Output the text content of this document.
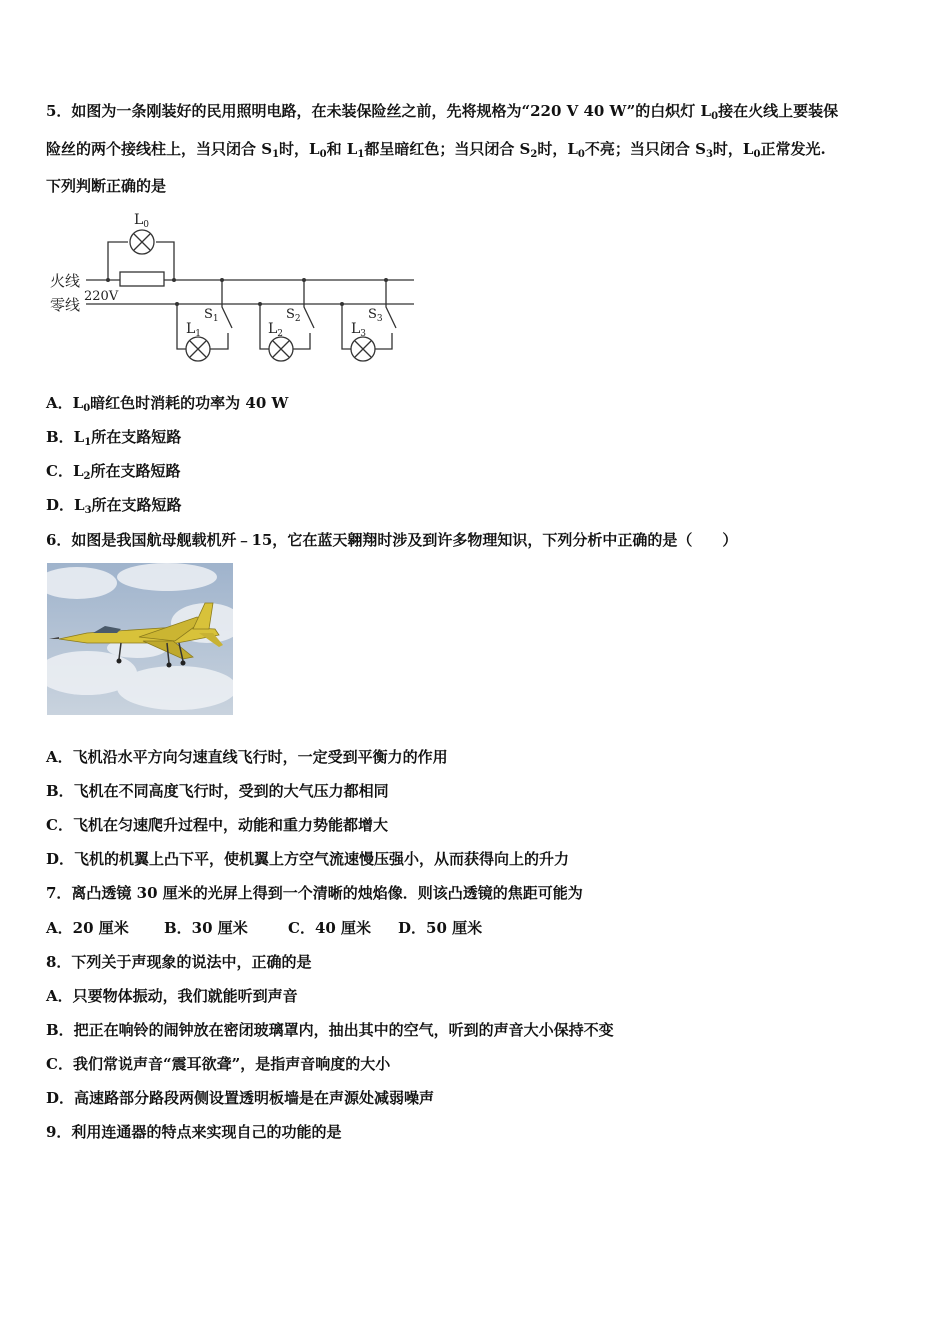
5．如图为一条刚装好的民用照明电路，在未装保险丝之前，先将规格为“220 V 40 W”的白炽灯 $L_0$接在火线上要装保
险丝的两个接线柱上，当只闭合 $S_1$时，$L_0$和 $L_1$都呈暗红色；当只闭合 $S_2$时，$L_0$不亮；当只闭合 $S_3$时，$L_0$正常发光.
下列判断正确的是
$L_0$
火线
零线 220V
$L_1$
$S_1$
$L_2$
$S_2$
$L_3$
$S_3$
A．$L_0$暗红色时消耗的功率为 40 W
B．$L_1$所在支路短路
C．$L_2$所在支路短路
D．$L_3$所在支路短路
6．如图是我国航母舰载机歼﹣15，它在蓝天翱翔时涉及到许多物理知识，下列分析中正确的是（　　）
A．飞机沿水平方向匀速直线飞行时，一定受到平衡力的作用
B．飞机在不同高度飞行时，受到的大气压力都相同
C．飞机在匀速爬升过程中，动能和重力势能都增大
D．飞机的机翼上凸下平，使机翼上方空气流速慢压强小，从而获得向上的升力
7．离凸透镜 30 厘米的光屏上得到一个清晰的烛焰像．则该凸透镜的焦距可能为
A．20 厘米 B．30 厘米	C．40 厘米 D．50 厘米
8．下列关于声现象的说法中，正确的是
A．只要物体振动，我们就能听到声音
B．把正在响铃的闹钟放在密闭玻璃罩内，抽出其中的空气，听到的声音大小保持不变
C．我们常说声音“震耳欲聋”，是指声音响度的大小
D．高速路部分路段两侧设置透明板墙是在声源处减弱噪声
9．利用连通器的特点来实现自己的功能的是
